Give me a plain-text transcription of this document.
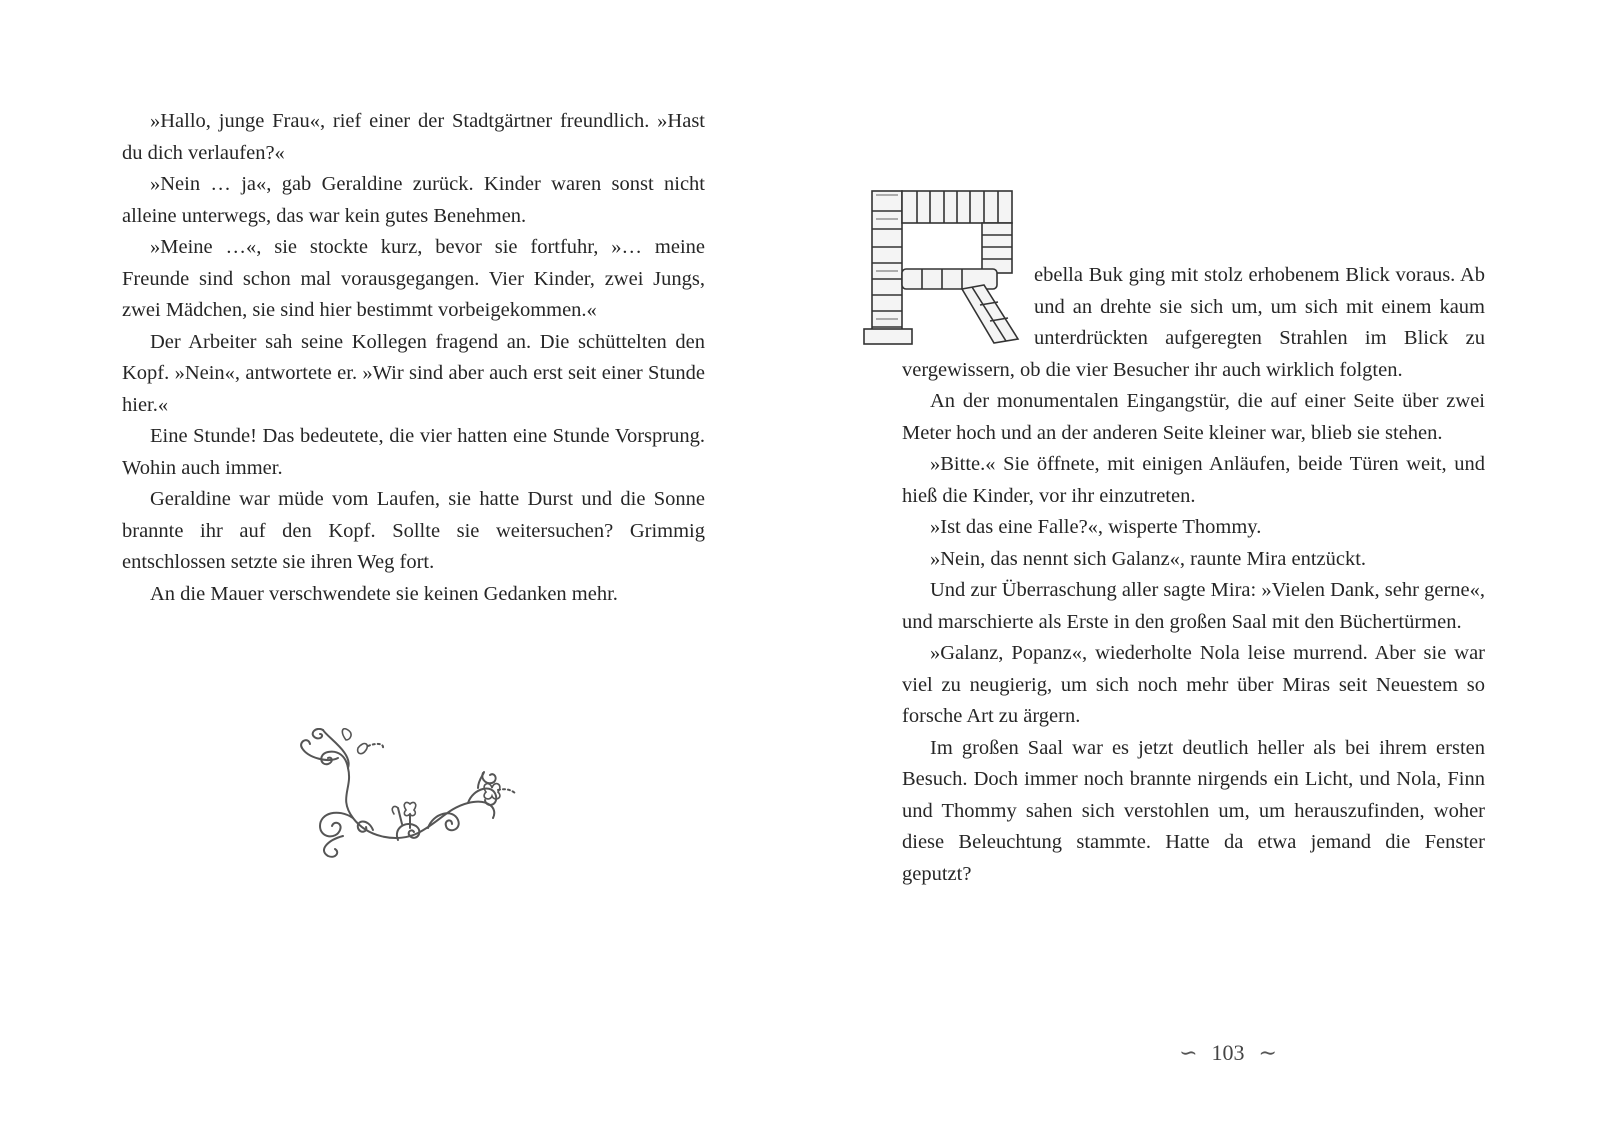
»Hallo, junge Frau«, rief einer der Stadtgärtner freundlich. »Hast du dich verlaufen?«

»Nein … ja«, gab Geraldine zurück. Kinder waren sonst nicht alleine unterwegs, das war kein gutes Benehmen.

»Meine …«, sie stockte kurz, bevor sie fortfuhr, »… meine Freunde sind schon mal vorausgegangen. Vier Kinder, zwei Jungs, zwei Mädchen, sie sind hier bestimmt vorbeigekommen.«

Der Arbeiter sah seine Kollegen fragend an. Die schüttelten den Kopf. »Nein«, antwortete er. »Wir sind aber auch erst seit einer Stunde hier.«

Eine Stunde! Das bedeutete, die vier hatten eine Stunde Vorsprung. Wohin auch immer.

Geraldine war müde vom Laufen, sie hatte Durst und die Sonne brannte ihr auf den Kopf. Sollte sie weitersuchen? Grimmig entschlossen setzte sie ihren Weg fort.

An die Mauer verschwendete sie keinen Gedanken mehr.

ebella Buk ging mit stolz erhobenem Blick voraus. Ab und an drehte sie sich um, um sich mit einem kaum unterdrückten aufgeregten Strahlen im Blick zu vergewissern, ob die vier Besucher ihr auch wirklich folgten.

An der monumentalen Eingangstür, die auf einer Seite über zwei Meter hoch und an der anderen Seite kleiner war, blieb sie stehen.

»Bitte.« Sie öffnete, mit einigen Anläufen, beide Türen weit, und hieß die Kinder, vor ihr einzutreten.

»Ist das eine Falle?«, wisperte Thommy.

»Nein, das nennt sich Galanz«, raunte Mira entzückt.

Und zur Überraschung aller sagte Mira: »Vielen Dank, sehr gerne«, und marschierte als Erste in den großen Saal mit den Büchertürmen.

»Galanz, Popanz«, wiederholte Nola leise murrend. Aber sie war viel zu neugierig, um sich noch mehr über Miras seit Neuestem so forsche Art zu ärgern.

Im großen Saal war es jetzt deutlich heller als bei ihrem ersten Besuch. Doch immer noch brannte nirgends ein Licht, und Nola, Finn und Thommy sahen sich verstohlen um, um herauszufinden, woher diese Beleuchtung stammte. Hatte da etwa jemand die Fenster geputzt?

∽ 103 ∼
